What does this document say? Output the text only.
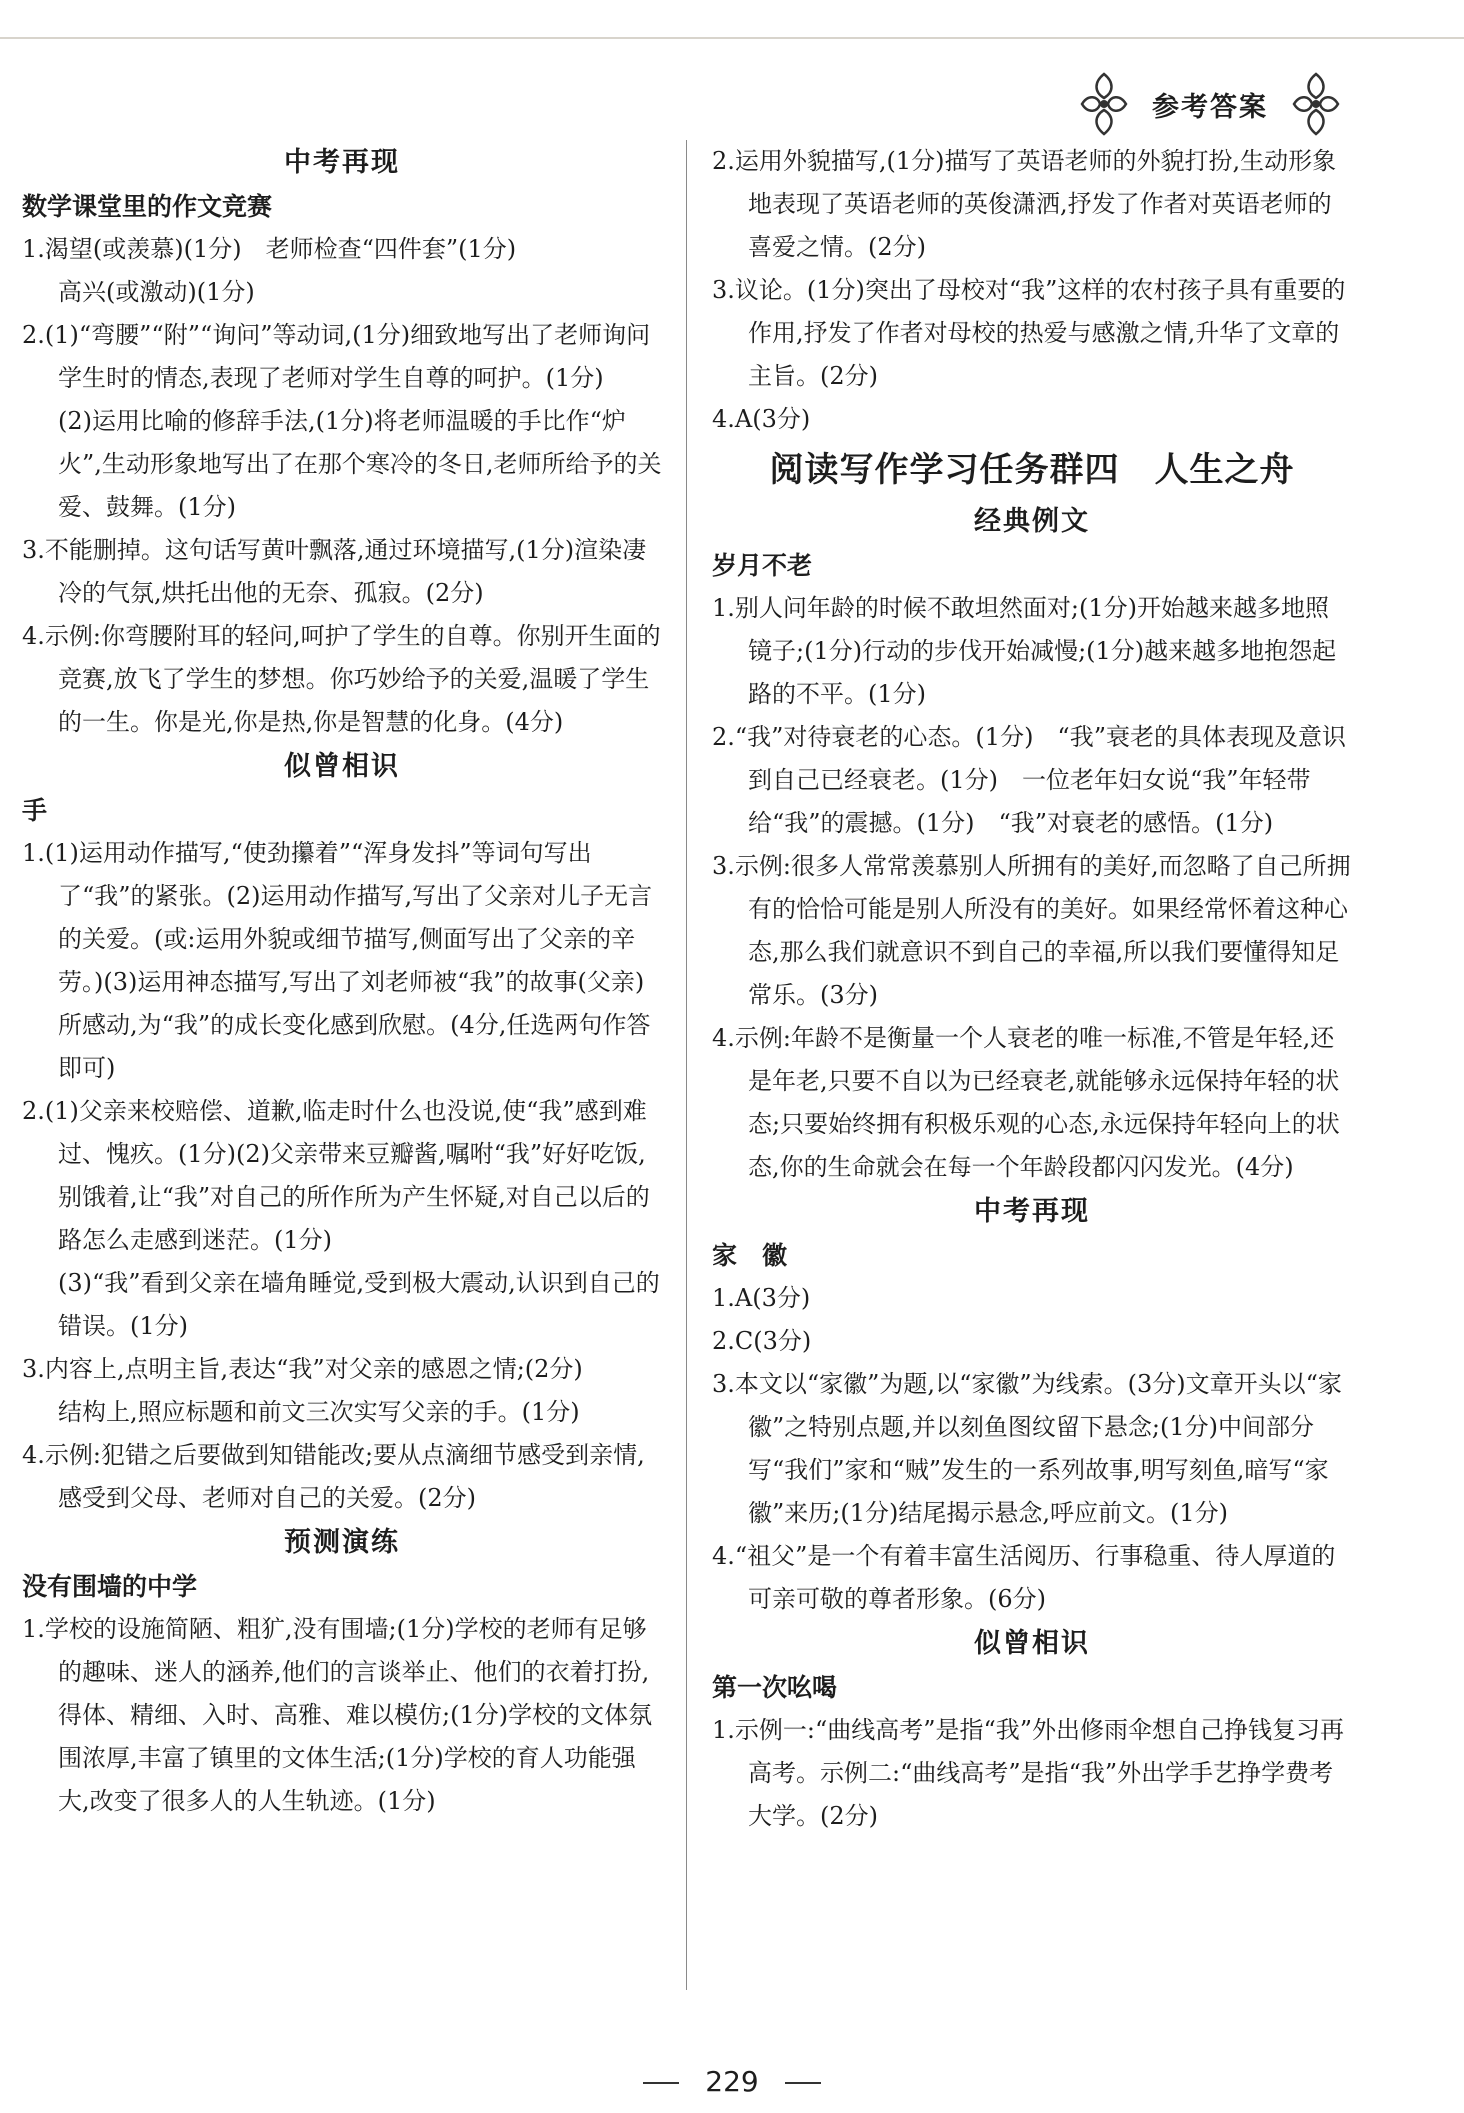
参考答案
中考再现
数学课堂里的作文竞赛

1.渴望(或羡慕)(1分)　老师检查“四件套”(1分)

高兴(或激动)(1分)

2.(1)“弯腰”“附”“询问”等动词,(1分)细致地写出了老师询问学生时的情态,表现了老师对学生自尊的呵护。(1分)

(2)运用比喻的修辞手法,(1分)将老师温暖的手比作“炉火”,生动形象地写出了在那个寒冷的冬日,老师所给予的关爱、鼓舞。(1分)

3.不能删掉。这句话写黄叶飘落,通过环境描写,(1分)渲染凄冷的气氛,烘托出他的无奈、孤寂。(2分)

4.示例:你弯腰附耳的轻问,呵护了学生的自尊。你别开生面的竞赛,放飞了学生的梦想。你巧妙给予的关爱,温暖了学生的一生。你是光,你是热,你是智慧的化身。(4分)

似曾相识
手

1.(1)运用动作描写,“使劲攥着”“浑身发抖”等词句写出了“我”的紧张。(2)运用动作描写,写出了父亲对儿子无言的关爱。(或:运用外貌或细节描写,侧面写出了父亲的辛劳。)(3)运用神态描写,写出了刘老师被“我”的故事(父亲)所感动,为“我”的成长变化感到欣慰。(4分,任选两句作答即可)

2.(1)父亲来校赔偿、道歉,临走时什么也没说,使“我”感到难过、愧疚。(1分)(2)父亲带来豆瓣酱,嘱咐“我”好好吃饭,别饿着,让“我”对自己的所作所为产生怀疑,对自己以后的路怎么走感到迷茫。(1分)

(3)“我”看到父亲在墙角睡觉,受到极大震动,认识到自己的错误。(1分)

3.内容上,点明主旨,表达“我”对父亲的感恩之情;(2分)

结构上,照应标题和前文三次实写父亲的手。(1分)

4.示例:犯错之后要做到知错能改;要从点滴细节感受到亲情,感受到父母、老师对自己的关爱。(2分)

预测演练
没有围墙的中学

1.学校的设施简陋、粗犷,没有围墙;(1分)学校的老师有足够的趣味、迷人的涵养,他们的言谈举止、他们的衣着打扮,得体、精细、入时、高雅、难以模仿;(1分)学校的文体氛围浓厚,丰富了镇里的文体生活;(1分)学校的育人功能强大,改变了很多人的人生轨迹。(1分)

2.运用外貌描写,(1分)描写了英语老师的外貌打扮,生动形象地表现了英语老师的英俊潇洒,抒发了作者对英语老师的喜爱之情。(2分)

3.议论。(1分)突出了母校对“我”这样的农村孩子具有重要的作用,抒发了作者对母校的热爱与感激之情,升华了文章的主旨。(2分)

4.A(3分)

阅读写作学习任务群四　人生之舟
经典例文
岁月不老

1.别人问年龄的时候不敢坦然面对;(1分)开始越来越多地照镜子;(1分)行动的步伐开始减慢;(1分)越来越多地抱怨起路的不平。(1分)

2.“我”对待衰老的心态。(1分)　“我”衰老的具体表现及意识到自己已经衰老。(1分)　一位老年妇女说“我”年轻带给“我”的震撼。(1分)　“我”对衰老的感悟。(1分)

3.示例:很多人常常羡慕别人所拥有的美好,而忽略了自己所拥有的恰恰可能是别人所没有的美好。如果经常怀着这种心态,那么我们就意识不到自己的幸福,所以我们要懂得知足常乐。(3分)

4.示例:年龄不是衡量一个人衰老的唯一标准,不管是年轻,还是年老,只要不自以为已经衰老,就能够永远保持年轻的状态;只要始终拥有积极乐观的心态,永远保持年轻向上的状态,你的生命就会在每一个年龄段都闪闪发光。(4分)

中考再现
家　徽

1.A(3分)

2.C(3分)

3.本文以“家徽”为题,以“家徽”为线索。(3分)文章开头以“家徽”之特别点题,并以刻鱼图纹留下悬念;(1分)中间部分写“我们”家和“贼”发生的一系列故事,明写刻鱼,暗写“家徽”来历;(1分)结尾揭示悬念,呼应前文。(1分)

4.“祖父”是一个有着丰富生活阅历、行事稳重、待人厚道的可亲可敬的尊者形象。(6分)

似曾相识
第一次吆喝

1.示例一:“曲线高考”是指“我”外出修雨伞想自己挣钱复习再高考。示例二:“曲线高考”是指“我”外出学手艺挣学费考大学。(2分)

229
